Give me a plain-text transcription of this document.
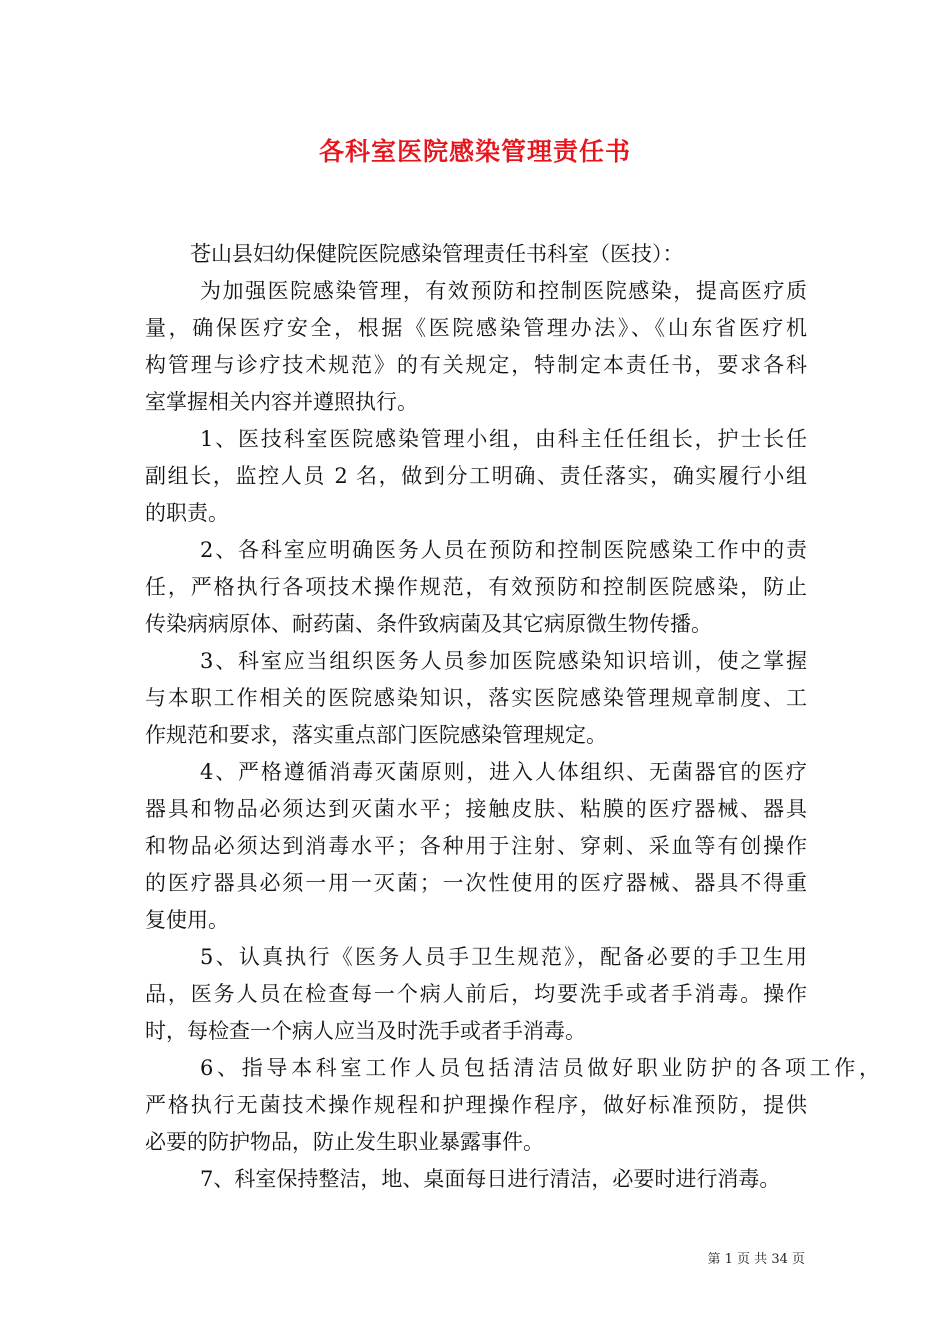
各科室医院感染管理责任书
苍山县妇幼保健院医院感染管理责任书科室（医技）：
为加强医院感染管理，有效预防和控制医院感染，提高医疗质
量，确保医疗安全，根据《医院感染管理办法》、《山东省医疗机
构管理与诊疗技术规范》的有关规定，特制定本责任书，要求各科
室掌握相关内容并遵照执行。
1、医技科室医院感染管理小组，由科主任任组长，护士长任
副组长，监控人员 2 名，做到分工明确、责任落实，确实履行小组
的职责。
2、各科室应明确医务人员在预防和控制医院感染工作中的责
任，严格执行各项技术操作规范，有效预防和控制医院感染，防止
传染病病原体、耐药菌、条件致病菌及其它病原微生物传播。
3、科室应当组织医务人员参加医院感染知识培训，使之掌握
与本职工作相关的医院感染知识，落实医院感染管理规章制度、工
作规范和要求，落实重点部门医院感染管理规定。
4、严格遵循消毒灭菌原则，进入人体组织、无菌器官的医疗
器具和物品必须达到灭菌水平；接触皮肤、粘膜的医疗器械、器具
和物品必须达到消毒水平；各种用于注射、穿刺、采血等有创操作
的医疗器具必须一用一灭菌；一次性使用的医疗器械、器具不得重
复使用。
5、认真执行《医务人员手卫生规范》，配备必要的手卫生用
品，医务人员在检查每一个病人前后，均要洗手或者手消毒。操作
时，每检查一个病人应当及时洗手或者手消毒。
6、指导本科室工作人员包括清洁员做好职业防护的各项工作，
严格执行无菌技术操作规程和护理操作程序，做好标准预防，提供
必要的防护物品，防止发生职业暴露事件。
7、科室保持整洁，地、桌面每日进行清洁，必要时进行消毒。
第 1 页 共 34 页
